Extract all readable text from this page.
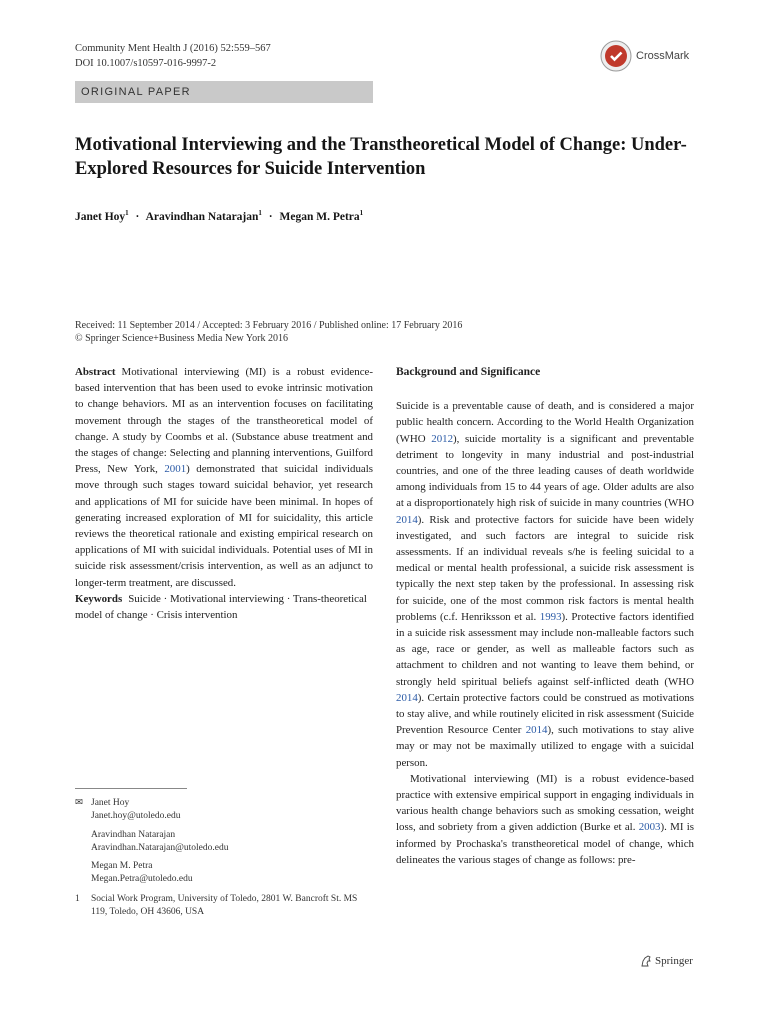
Community Ment Health J (2016) 52:559–567
DOI 10.1007/s10597-016-9997-2
CrossMark
ORIGINAL PAPER
Motivational Interviewing and the Transtheoretical Model of Change: Under-Explored Resources for Suicide Intervention
Janet Hoy$^1$ · Aravindhan Natarajan$^1$ · Megan M. Petra$^1$
Received: 11 September 2014 / Accepted: 3 February 2016 / Published online: 17 February 2016
© Springer Science+Business Media New York 2016

Abstract Motivational interviewing (MI) is a robust evidence-based intervention that has been used to evoke intrinsic motivation to change behaviors. MI as an intervention focuses on facilitating movement through the stages of the transtheoretical model of change. A study by Coombs et al. (Substance abuse treatment and the stages of change: Selecting and planning interventions, Guilford Press, New York, 2001) demonstrated that suicidal individuals move through such stages toward suicidal behavior, yet research and applications of MI for suicide have been minimal. In hopes of generating increased exploration of MI for suicidality, this article reviews the theoretical rationale and existing empirical research on applications of MI with suicidal individuals. Potential uses of MI in suicide risk assessment/crisis intervention, as well as an adjunct to longer-term treatment, are discussed.

Keywords Suicide · Motivational interviewing · Trans-theoretical model of change · Crisis intervention

✉ Janet Hoy
Janet.hoy@utoledo.edu
Aravindhan Natarajan
Aravindhan.Natarajan@utoledo.edu
Megan M. Petra
Megan.Petra@utoledo.edu
1	Social Work Program, University of Toledo, 2801 W. Bancroft St. MS 119, Toledo, OH 43606, USA
Background and Significance

Suicide is a preventable cause of death, and is considered a major public health concern. According to the World Health Organization (WHO 2012), suicide mortality is a significant and preventable detriment to longevity in many industrial and post-industrial countries, and one of the three leading causes of death worldwide among individuals from 15 to 44 years of age. Older adults are also at a disproportionately high risk of suicide in many countries (WHO 2014). Risk and protective factors for suicide have been widely investigated, and such factors are integral to suicide risk assessments. If an individual reveals s/he is feeling suicidal to a medical or mental health professional, a suicide risk assessment is typically the next step taken by the professional. In assessing risk for suicide, one of the most common risk factors is mental health problems (c.f. Henriksson et al. 1993). Protective factors identified in a suicide risk assessment may include non-malleable factors such as age, race or gender, as well as malleable factors such as attachment to children and not wanting to leave them behind, or strongly held spiritual beliefs against self-inflicted death (WHO 2014). Certain protective factors could be construed as motivations to stay alive, and while routinely elicited in risk assessment (Suicide Prevention Resource Center 2014), such motivations to stay alive may or may not be maximally utilized to engage with a suicidal person.

Motivational interviewing (MI) is a robust evidence-based practice with extensive empirical support in engaging individuals in various health change behaviors such as smoking cessation, weight loss, and sobriety from a given addiction (Burke et al. 2003). MI is informed by Prochaska's transtheoretical model of change, which delineates the various stages of change as follows: pre-

Springer
